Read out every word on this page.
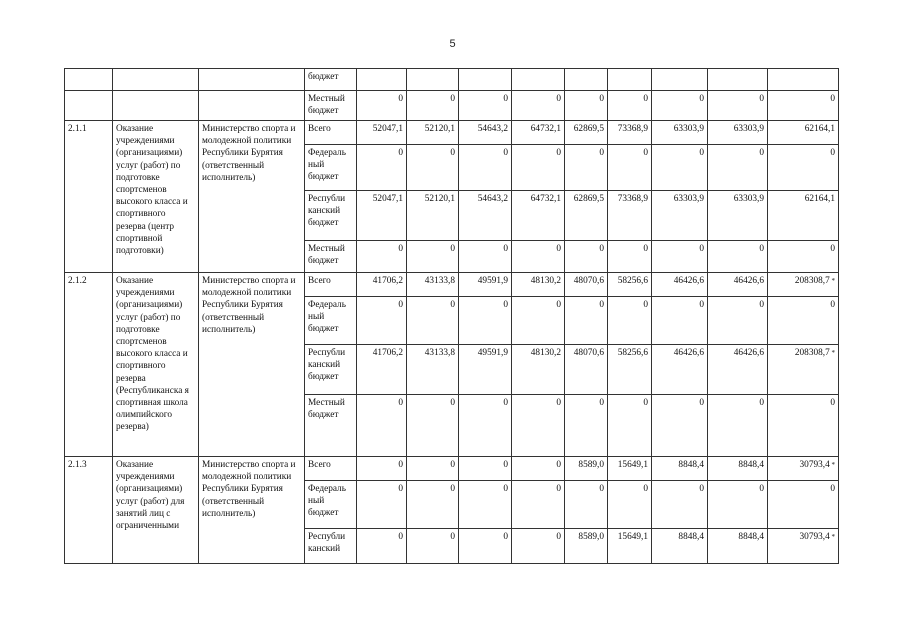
5
			бюджет									
			Местный бюджет	0	0	0	0	0	0	0	0	0
2.1.1	Оказание учреждениями (организациями) услуг (работ) по подготовке спортсменов высокого класса и спортивного резерва (центр спортивной подготовки)	Министерство спорта и молодежной политики Республики Бурятия (ответственный исполнитель)	Всего	52047,1	52120,1	54643,2	64732,1	62869,5	73368,9	63303,9	63303,9	62164,1
			Федераль ный бюджет	0	0	0	0	0	0	0	0	0
			Республи канский бюджет	52047,1	52120,1	54643,2	64732,1	62869,5	73368,9	63303,9	63303,9	62164,1
			Местный бюджет	0	0	0	0	0	0	0	0	0
2.1.2	Оказание учреждениями (организациями) услуг (работ) по подготовке спортсменов высокого класса и спортивного резерва (Республиканска я спортивная школа олимпийского резерва)	Министерство спорта и молодежной политики Республики Бурятия (ответственный исполнитель)	Всего	41706,2	43133,8	49591,9	48130,2	48070,6	58256,6	46426,6	46426,6	208308,7 *
			Федераль ный бюджет	0	0	0	0	0	0	0	0	0
			Республи канский бюджет	41706,2	43133,8	49591,9	48130,2	48070,6	58256,6	46426,6	46426,6	208308,7 *
			Местный бюджет	0	0	0	0	0	0	0	0	0
2.1.3	Оказание учреждениями (организациями) услуг (работ) для занятий лиц с ограниченными	Министерство спорта и молодежной политики Республики Бурятия (ответственный исполнитель)	Всего	0	0	0	0	8589,0	15649,1	8848,4	8848,4	30793,4 *
			Федераль ный бюджет	0	0	0	0	0	0	0	0	0
			Республи канский	0	0	0	0	8589,0	15649,1	8848,4	8848,4	30793,4 *
